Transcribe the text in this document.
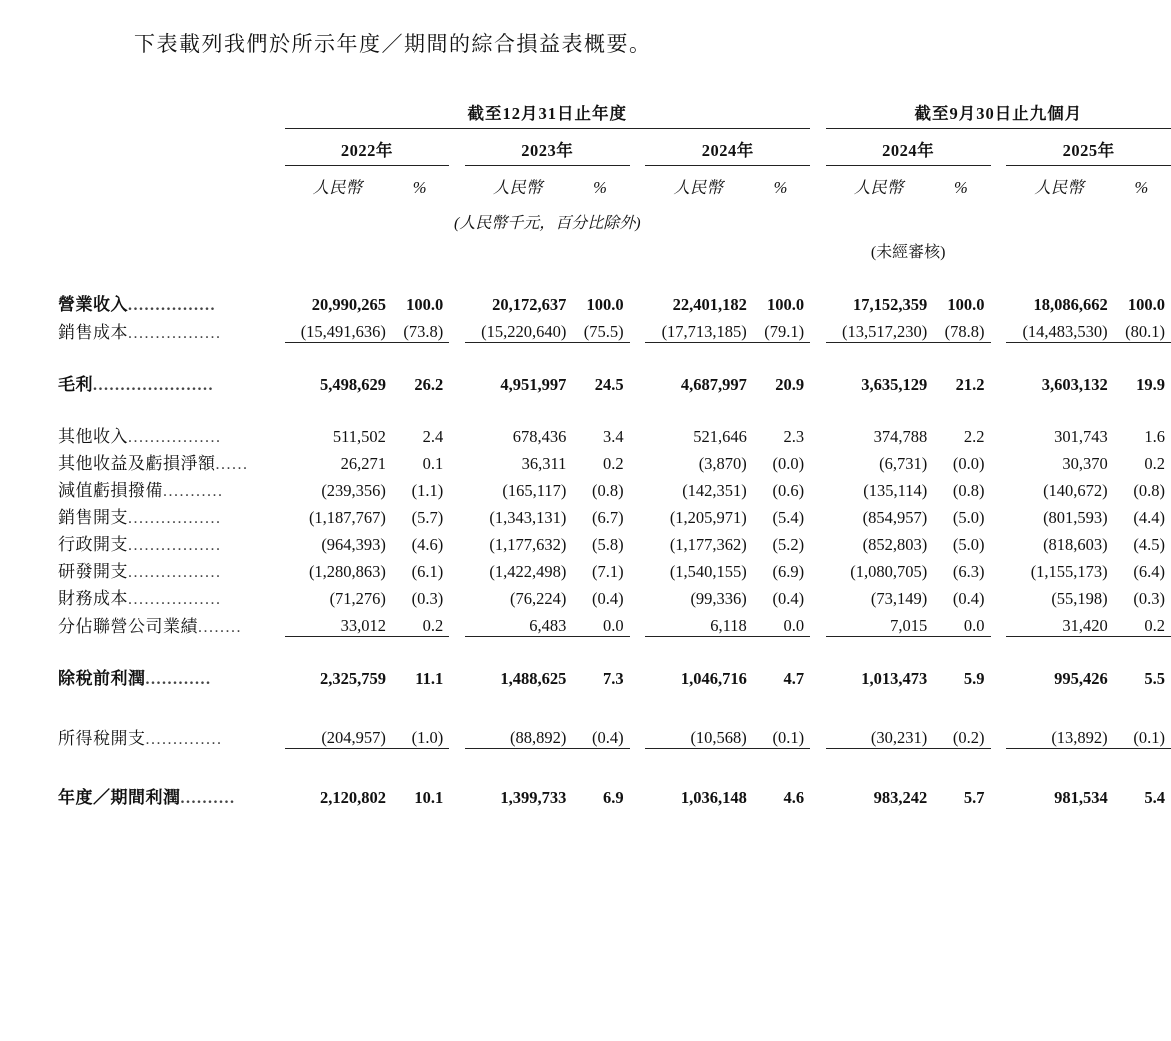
下表載列我們於所示年度／期間的綜合損益表概要。
	截至12月31日止年度									截至9月30日止九個月				
	2022年			2023年			2024年			2024年			2025年	
	人民幣	%		人民幣	%		人民幣	%		人民幣	%		人民幣	%
	(人民幣千元，百分比除外)													
							(未經審核)							

營業收入................	20,990,265	100.0		20,172,637	100.0		22,401,182	100.0		17,152,359	100.0		18,086,662	100.0
銷售成本.................	(15,491,636)	(73.8)		(15,220,640)	(75.5)		(17,713,185)	(79.1)		(13,517,230)	(78.8)		(14,483,530)	(80.1)

毛利......................	5,498,629	26.2		4,951,997	24.5		4,687,997	20.9		3,635,129	21.2		3,603,132	19.9

其他收入.................	511,502	2.4		678,436	3.4		521,646	2.3		374,788	2.2		301,743	1.6
其他收益及虧損淨額......	26,271	0.1		36,311	0.2		(3,870)	(0.0)		(6,731)	(0.0)		30,370	0.2
減值虧損撥備...........	(239,356)	(1.1)		(165,117)	(0.8)		(142,351)	(0.6)		(135,114)	(0.8)		(140,672)	(0.8)
銷售開支.................	(1,187,767)	(5.7)		(1,343,131)	(6.7)		(1,205,971)	(5.4)		(854,957)	(5.0)		(801,593)	(4.4)
行政開支.................	(964,393)	(4.6)		(1,177,632)	(5.8)		(1,177,362)	(5.2)		(852,803)	(5.0)		(818,603)	(4.5)
研發開支.................	(1,280,863)	(6.1)		(1,422,498)	(7.1)		(1,540,155)	(6.9)		(1,080,705)	(6.3)		(1,155,173)	(6.4)
財務成本.................	(71,276)	(0.3)		(76,224)	(0.4)		(99,336)	(0.4)		(73,149)	(0.4)		(55,198)	(0.3)
分佔聯營公司業績........	33,012	0.2		6,483	0.0		6,118	0.0		7,015	0.0		31,420	0.2

除稅前利潤............	2,325,759	11.1		1,488,625	7.3		1,046,716	4.7		1,013,473	5.9		995,426	5.5

所得稅開支..............	(204,957)	(1.0)		(88,892)	(0.4)		(10,568)	(0.1)		(30,231)	(0.2)		(13,892)	(0.1)

年度／期間利潤..........	2,120,802	10.1		1,399,733	6.9		1,036,148	4.6		983,242	5.7		981,534	5.4
